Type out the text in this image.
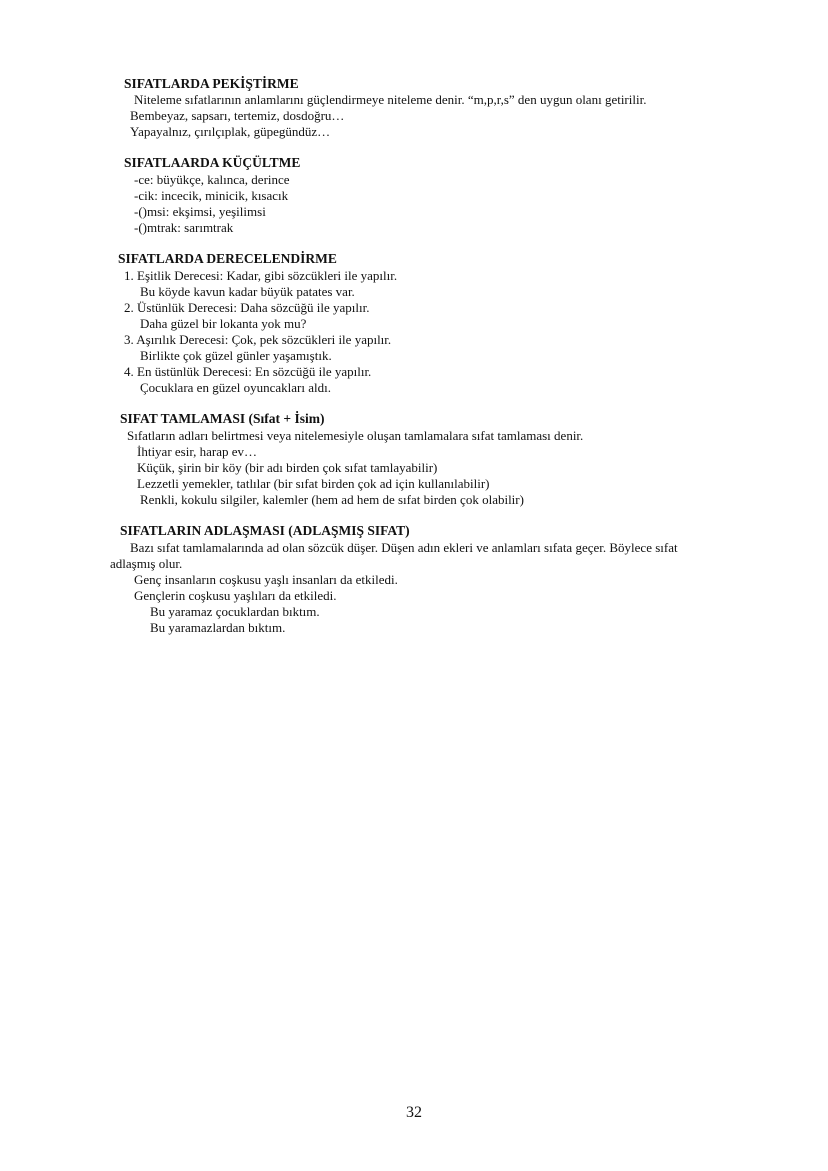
SIFATLARDA PEKİŞTİRME
Niteleme sıfatlarının anlamlarını güçlendirmeye niteleme denir. “m,p,r,s” den uygun olanı getirilir.
Bembeyaz, sapsarı, tertemiz, dosdoğru…
Yapayalnız, çırılçıplak, güpegündüz…
SIFATLAARDA KÜÇÜLTME
-ce: büyükçe, kalınca, derince
-cik: incecik, minicik, kısacık
-()msi: ekşimsi, yeşilimsi
-()mtrak: sarımtrak
SIFATLARDA DERECELENDİRME
1. Eşitlik Derecesi: Kadar, gibi sözcükleri ile yapılır.
Bu köyde kavun kadar büyük patates var.
2. Üstünlük Derecesi: Daha sözcüğü ile yapılır.
Daha güzel bir lokanta yok mu?
3. Aşırılık Derecesi: Çok, pek sözcükleri ile yapılır.
Birlikte çok güzel günler yaşamıştık.
4. En üstünlük Derecesi: En sözcüğü ile yapılır.
Çocuklara en güzel oyuncakları aldı.
SIFAT TAMLAMASI (Sıfat + İsim)
Sıfatların adları belirtmesi veya nitelemesiyle oluşan tamlamalara sıfat tamlaması denir.
İhtiyar esir, harap ev…
Küçük, şirin bir köy (bir adı birden çok sıfat tamlayabilir)
Lezzetli yemekler, tatlılar (bir sıfat birden çok ad için kullanılabilir)
Renkli, kokulu silgiler, kalemler (hem ad hem de sıfat birden çok olabilir)
SIFATLARIN ADLAŞMASI (ADLAŞMIŞ SIFAT)
Bazı sıfat tamlamalarında ad olan sözcük düşer. Düşen adın ekleri ve anlamları sıfata geçer. Böylece sıfat
adlaşmış olur.
Genç insanların coşkusu yaşlı insanları da etkiledi.
Gençlerin coşkusu yaşlıları da etkiledi.
Bu yaramaz çocuklardan bıktım.
Bu yaramazlardan bıktım.
32
